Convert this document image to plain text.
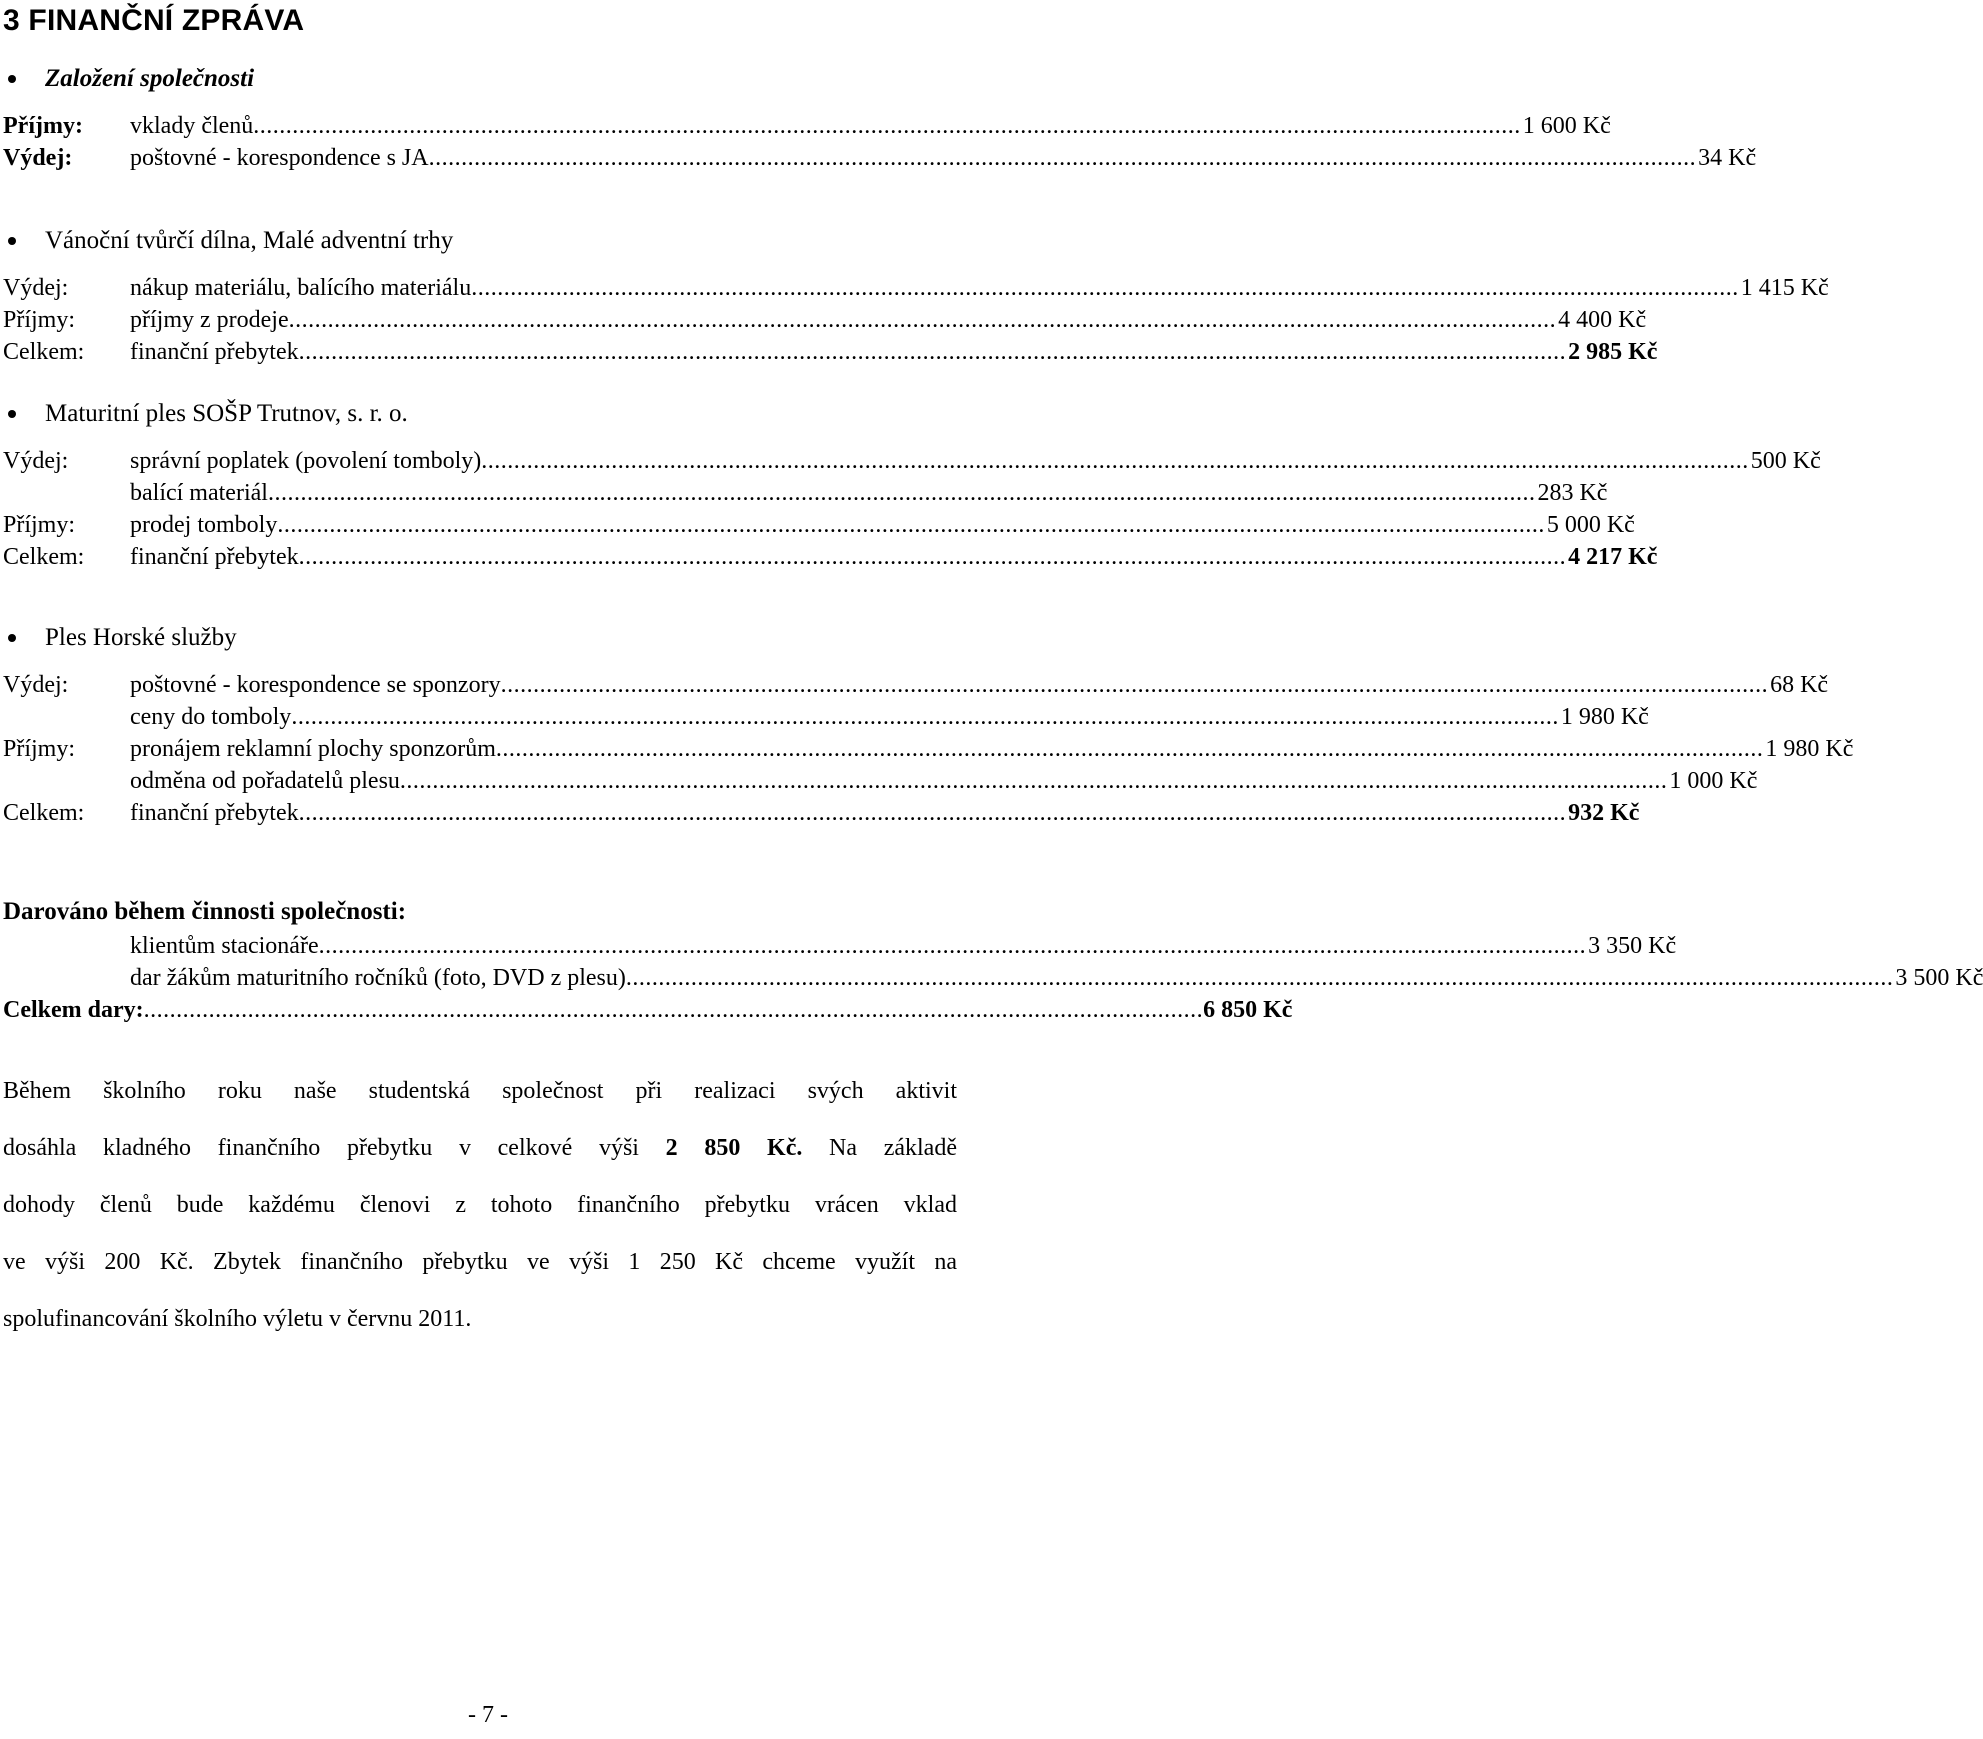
3 FINANČNÍ ZPRÁVA
Založení společnosti
Příjmy: vklady členů .....	1 600 Kč
Výdej: poštovné - korespondence s JA .....	34 Kč
Vánoční tvůrčí dílna, Malé adventní trhy
Výdej:	nákup materiálu, balícího materiálu .....	1 415 Kč
Příjmy: příjmy z prodeje .....	4 400 Kč
Celkem: finanční přebytek .....	2 985 Kč
Maturitní ples SOŠP Trutnov, s. r. o.
Výdej:	správní poplatek (povolení tomboly) .....	500 Kč
balící materiál .....	283 Kč
Příjmy: prodej tomboly .....	5 000 Kč
Celkem: finanční přebytek .....	4 217 Kč
Ples Horské služby
Výdej:	poštovné - korespondence se sponzory .....	68 Kč
ceny do tomboly .....	1 980 Kč
Příjmy: pronájem reklamní plochy sponzorům .....	1 980 Kč
odměna od pořadatelů plesu .....	1 000 Kč
Celkem: finanční přebytek .....	932 Kč
Darováno během činnosti společnosti:
klientům stacionáře .....	3 350 Kč
dar žákům maturitního ročníků (foto, DVD z plesu) .....	3 500 Kč
Celkem dary: ................................................................................................................................................................... 6 850 Kč
Během školního roku naše studentská společnost při realizaci svých aktivit
dosáhla kladného finančního přebytku v celkové výši 2 850 Kč. Na základě
dohody členů bude každému členovi z tohoto finančního přebytku vrácen vklad
ve výši 200 Kč. Zbytek finančního přebytku ve výši 1 250 Kč chceme využít na
spolufinancování školního výletu v červnu 2011.
- 7 -
